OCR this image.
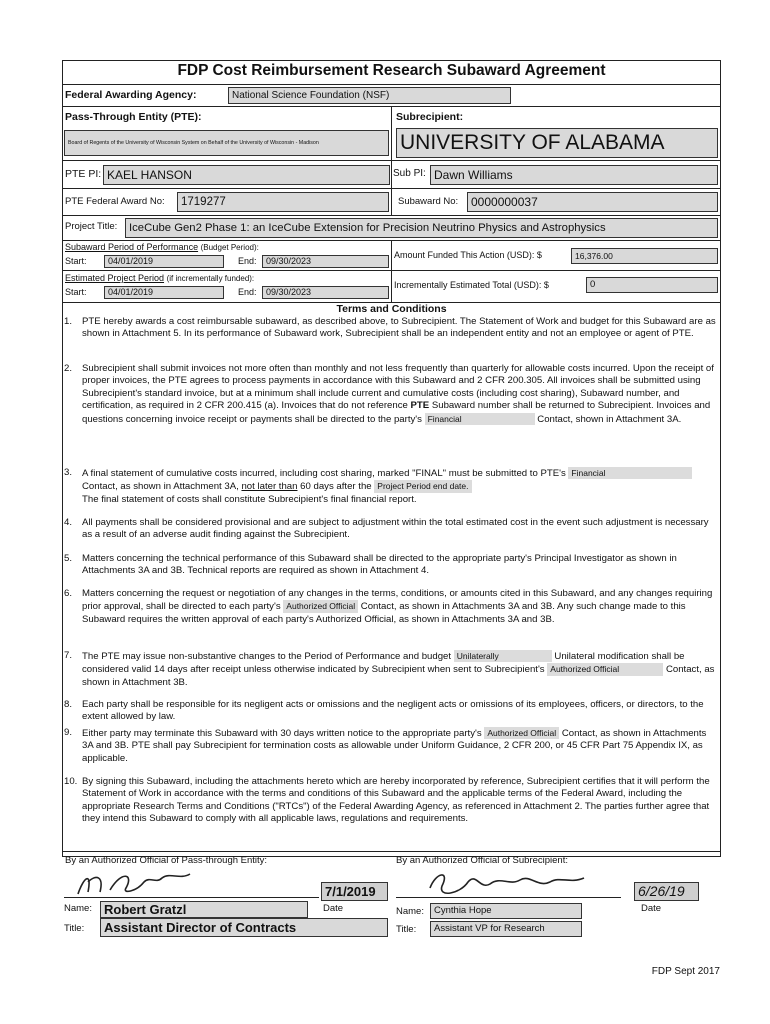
FDP Cost Reimbursement Research Subaward Agreement
Federal Awarding Agency:	National Science Foundation (NSF)
Pass-Through Entity (PTE):
Board of Regents of the University of Wisconsin System on Behalf of the University of Wisconsin - Madison
Subrecipient:
UNIVERSITY OF ALABAMA
PTE PI: KAEL HANSON	Sub PI: Dawn Williams
PTE Federal Award No:	1719277	Subaward No:	0000000037
Project Title:	IceCube Gen2 Phase 1: an IceCube Extension for Precision Neutrino Physics and Astrophysics
Subaward Period of Performance (Budget Period):
Start:	04/01/2019	End:	09/30/2023
Estimated Project Period (if incrementally funded):
Start:	04/01/2019	End:	09/30/2023
Amount Funded This Action (USD): $	16,376.00
Incrementally Estimated Total (USD): $	0
Terms and Conditions
1. PTE hereby awards a cost reimbursable subaward, as described above, to Subrecipient. The Statement of Work and budget for this Subaward are as shown in Attachment 5. In its performance of Subaward work, Subrecipient shall be an independent entity and not an employee or agent of PTE.
2. Subrecipient shall submit invoices not more often than monthly and not less frequently than quarterly for allowable costs incurred. Upon the receipt of proper invoices, the PTE agrees to process payments in accordance with this Subaward and 2 CFR 200.305. All invoices shall be submitted using Subrecipient's standard invoice, but at a minimum shall include current and cumulative costs (including cost sharing), Subaward number, and certification, as required in 2 CFR 200.415 (a). Invoices that do not reference PTE Subaward number shall be returned to Subrecipient. Invoices and questions concerning invoice receipt or payments shall be directed to the party's Financial	Contact, shown in Attachment 3A.
3. A final statement of cumulative costs incurred, including cost sharing, marked "FINAL" must be submitted to PTE's Financial Contact, as shown in Attachment 3A, not later than 60 days after the Project Period end date.
The final statement of costs shall constitute Subrecipient's final financial report.
4. All payments shall be considered provisional and are subject to adjustment within the total estimated cost in the event such adjustment is necessary as a result of an adverse audit finding against the Subrecipient.
5. Matters concerning the technical performance of this Subaward shall be directed to the appropriate party's Principal Investigator as shown in Attachments 3A and 3B. Technical reports are required as shown in Attachment 4.
6. Matters concerning the request or negotiation of any changes in the terms, conditions, or amounts cited in this Subaward, and any changes requiring prior approval, shall be directed to each party's Authorized Official Contact, as shown in Attachments 3A and 3B. Any such change made to this Subaward requires the written approval of each party's Authorized Official, as shown in Attachments 3A and 3B.
7. The PTE may issue non-substantive changes to the Period of Performance and budget Unilaterally	Unilateral modification shall be considered valid 14 days after receipt unless otherwise indicated by Subrecipient when sent to Subrecipient's Authorized Official	Contact, as shown in Attachment 3B.
8. Each party shall be responsible for its negligent acts or omissions and the negligent acts or omissions of its employees, officers, or directors, to the extent allowed by law.
9. Either party may terminate this Subaward with 30 days written notice to the appropriate party's Authorized Official Contact, as shown in Attachments 3A and 3B. PTE shall pay Subrecipient for termination costs as allowable under Uniform Guidance, 2 CFR 200, or 45 CFR Part 75 Appendix IX, as applicable.
10. By signing this Subaward, including the attachments hereto which are hereby incorporated by reference, Subrecipient certifies that it will perform the Statement of Work in accordance with the terms and conditions of this Subaward and the applicable terms of the Federal Award, including the appropriate Research Terms and Conditions ("RTCs") of the Federal Awarding Agency, as referenced in Attachment 2. The parties further agree that they intend this Subaward to comply with all applicable laws, regulations and requirements.
By an Authorized Official of Pass-through Entity:
7/1/2019
Date
Name: Robert Gratzl
Title:	Assistant Director of Contracts
By an Authorized Official of Subrecipient:
6/26/19
Date
Name:	Cynthia Hope
Title:	Assistant VP for Research
FDP Sept 2017
